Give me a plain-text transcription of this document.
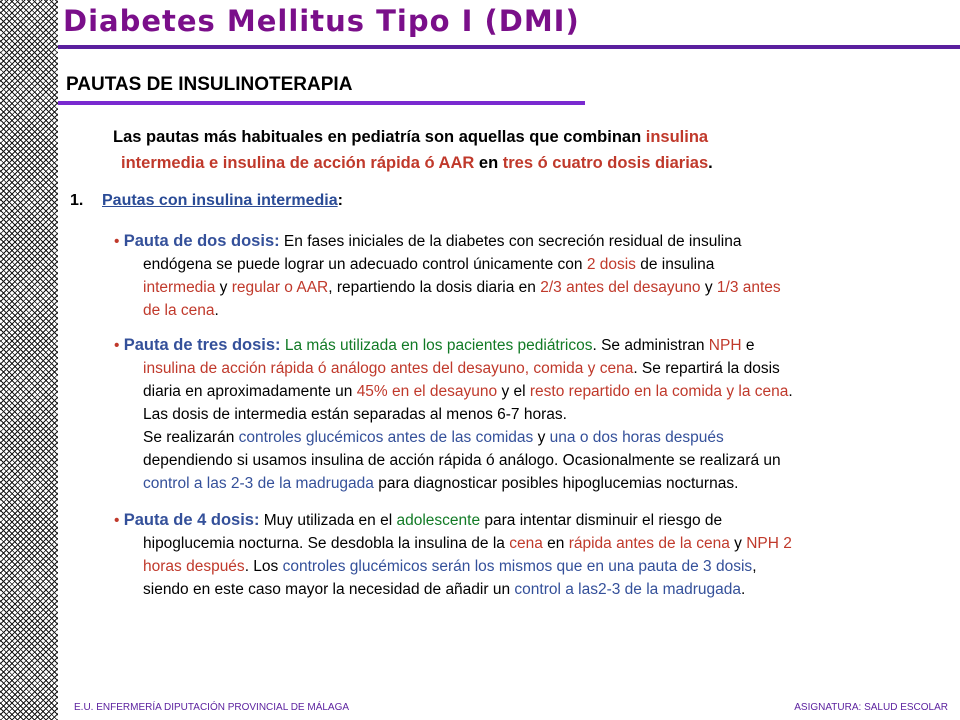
Diabetes Mellitus Tipo I (DMI)
PAUTAS DE INSULINOTERAPIA

Las pautas más habituales en pediatría son aquellas que combinan insulina
intermedia e insulina de acción rápida ó AAR en tres ó cuatro dosis diarias.

1. Pautas con insulina intermedia:
• Pauta de dos dosis: En fases iniciales de la diabetes con secreción residual de insulina
endógena se puede lograr un adecuado control únicamente con 2 dosis de insulina
intermedia y regular o AAR, repartiendo la dosis diaria en 2/3 antes del desayuno y 1/3 antes
de la cena.
• Pauta de tres dosis: La más utilizada en los pacientes pediátricos. Se administran NPH e
insulina de acción rápida ó análogo antes del desayuno, comida y cena. Se repartirá la dosis
diaria en aproximadamente un 45% en el desayuno y el resto repartido en la comida y la cena.
Las dosis de intermedia están separadas al menos 6-7 horas.
Se realizarán controles glucémicos antes de las comidas y una o dos horas después
dependiendo si usamos insulina de acción rápida ó análogo. Ocasionalmente se realizará un
control a las 2-3 de la madrugada para diagnosticar posibles hipoglucemias nocturnas.
• Pauta de 4 dosis: Muy utilizada en el adolescente para intentar disminuir el riesgo de
hipoglucemia nocturna. Se desdobla la insulina de la cena en rápida antes de la cena y NPH 2
horas después. Los controles glucémicos serán los mismos que en una pauta de 3 dosis,
siendo en este caso mayor la necesidad de añadir un control a las2-3 de la madrugada.
E.U. ENFERMERÍA DIPUTACIÓN PROVINCIAL DE MÁLAGA	ASIGNATURA: SALUD ESCOLAR
